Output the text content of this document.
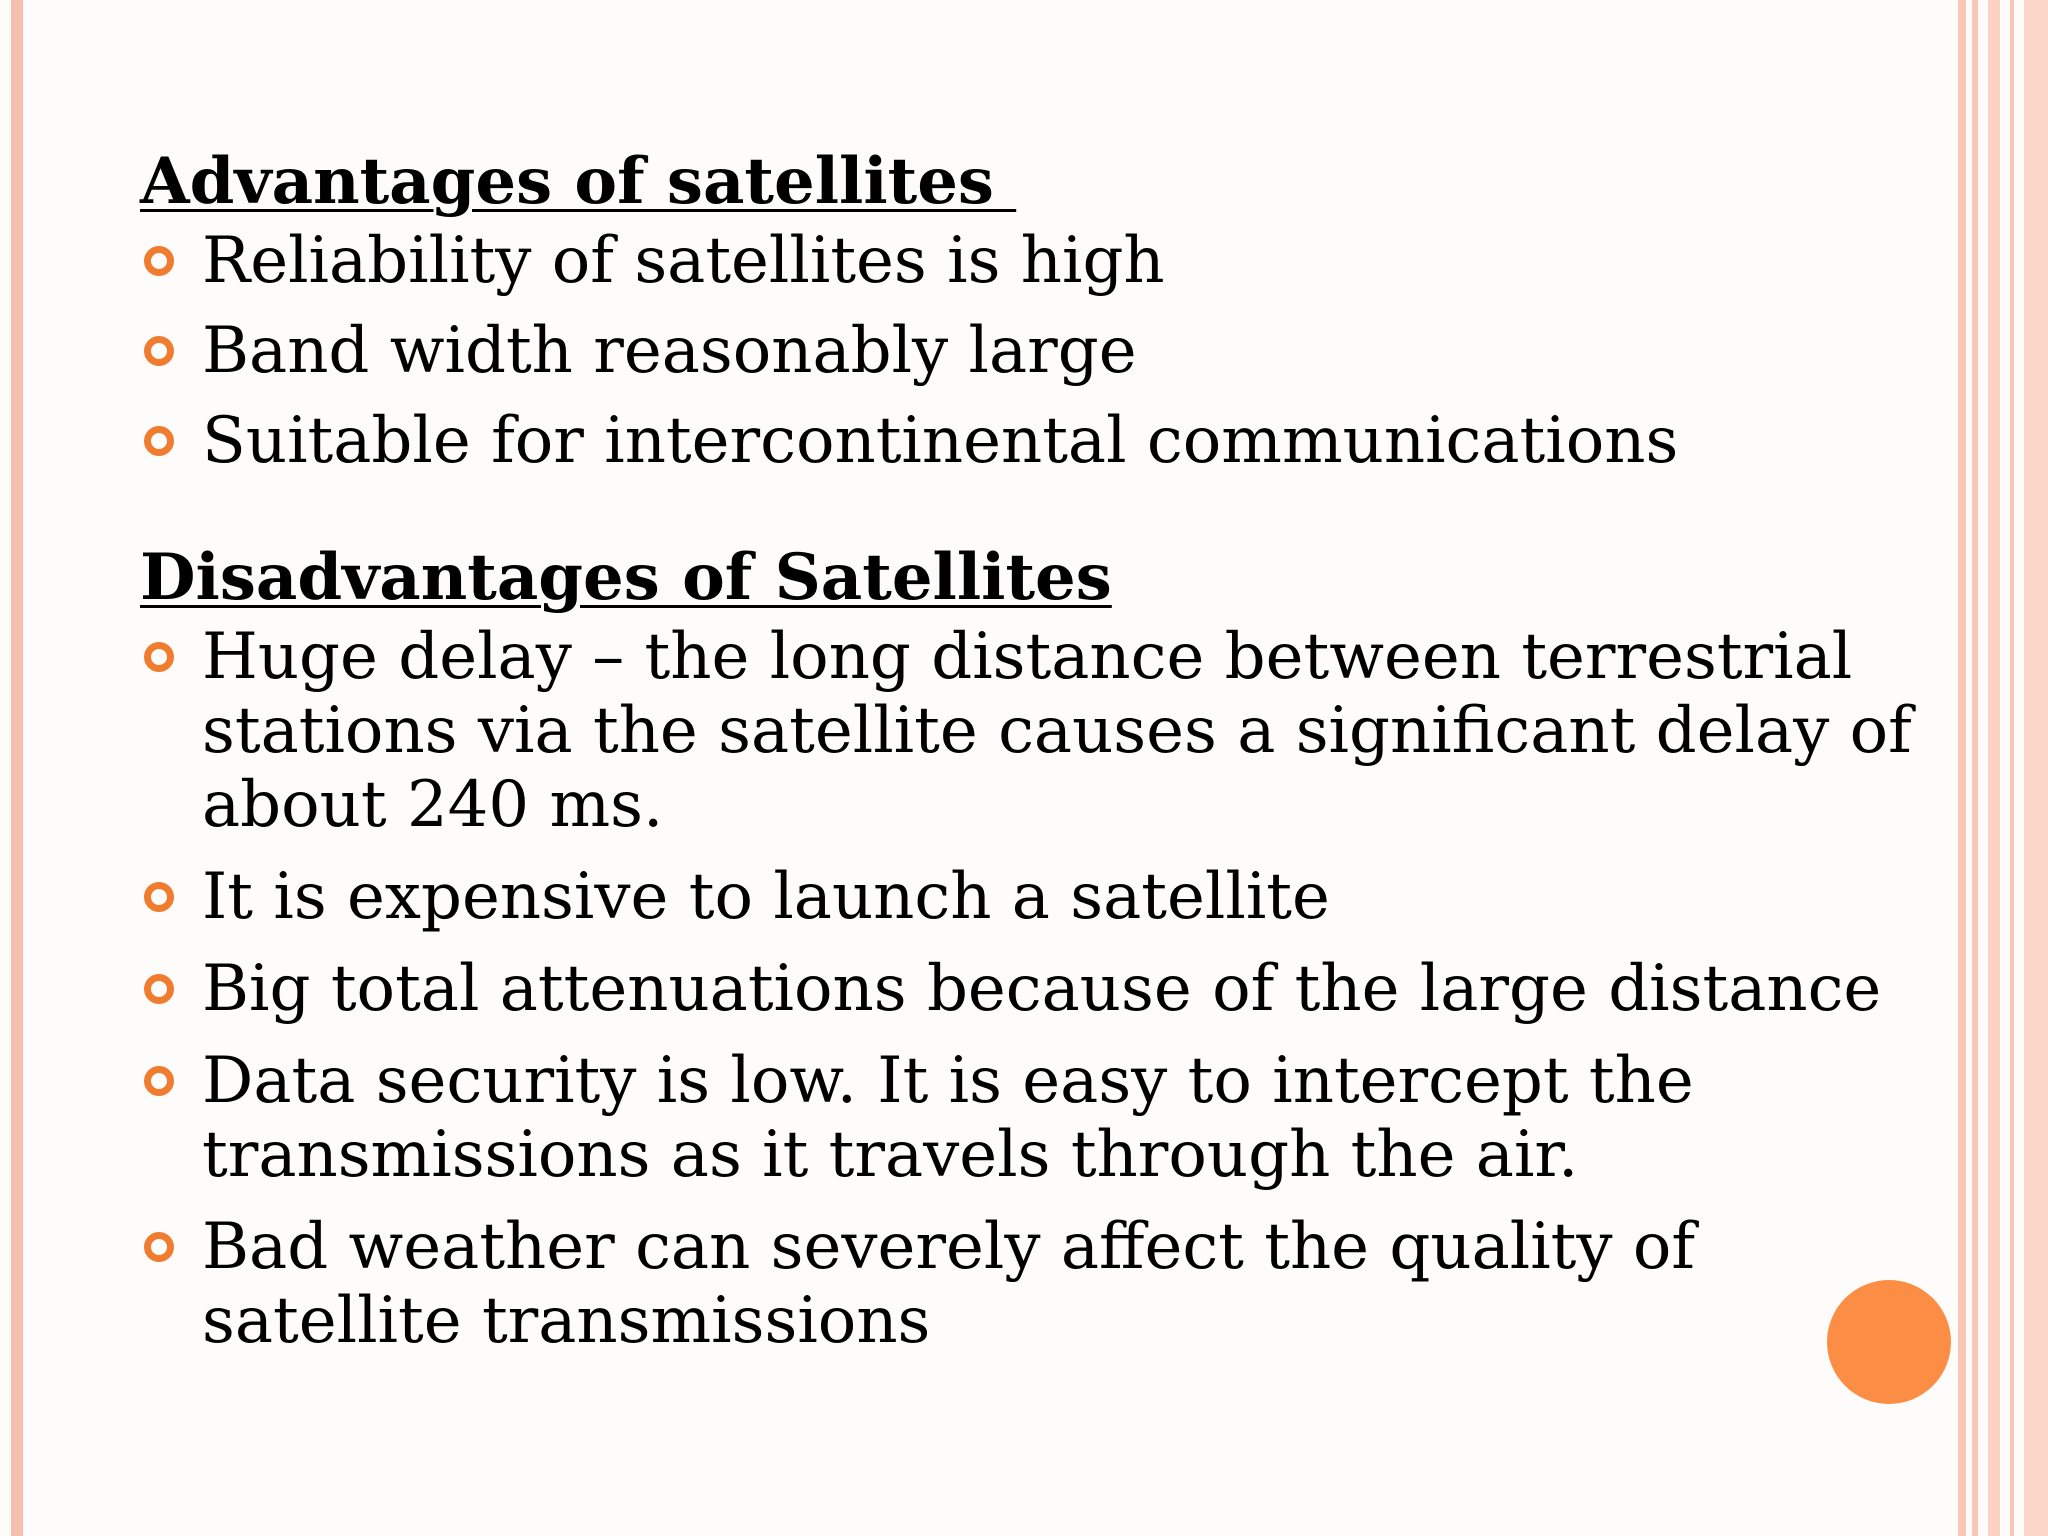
Advantages of satellites
Reliability of satellites is high
Band width reasonably large
Suitable for intercontinental communications
Disadvantages of Satellites
Huge delay – the long distance between terrestrial stations via the satellite causes a significant delay of about 240 ms.
It is expensive to launch a satellite
Big total attenuations because of the large distance
Data security is low. It is easy to intercept the transmissions as it travels through the air.
Bad weather can severely affect the quality of satellite transmissions
